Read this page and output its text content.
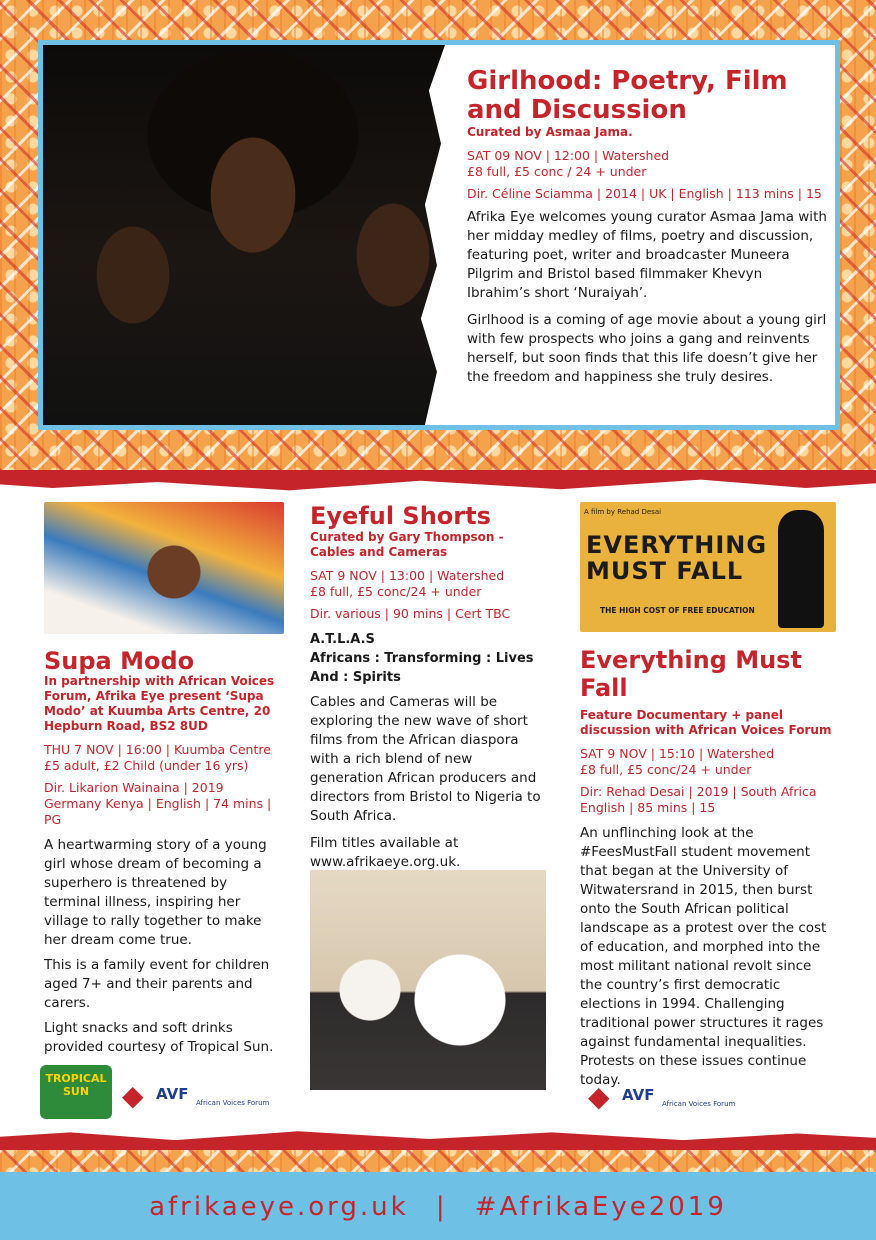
Girlhood: Poetry, Film and Discussion
Curated by Asmaa Jama.
SAT 09 NOV | 12:00 | Watershed
£8 full, £5 conc / 24 + under
Dir. Céline Sciamma | 2014 | UK | English | 113 mins | 15

Afrika Eye welcomes young curator Asmaa Jama with her midday medley of films, poetry and discussion, featuring poet, writer and broadcaster Muneera Pilgrim and Bristol based filmmaker Khevyn Ibrahim’s short ‘Nuraiyah’.

Girlhood is a coming of age movie about a young girl with few prospects who joins a gang and reinvents herself, but soon finds that this life doesn’t give her the freedom and happiness she truly desires.

Supa Modo
In partnership with African Voices Forum, Afrika Eye present ‘Supa Modo’ at Kuumba Arts Centre, 20 Hepburn Road, BS2 8UD
THU 7 NOV | 16:00 | Kuumba Centre
£5 adult, £2 Child (under 16 yrs)
Dir. Likarion Wainaina | 2019
Germany Kenya | English | 74 mins | PG

A heartwarming story of a young girl whose dream of becoming a superhero is threatened by terminal illness, inspiring her village to rally together to make her dream come true.

This is a family event for children aged 7+ and their parents and carers.

Light snacks and soft drinks provided courtesy of Tropical Sun.

Eyeful Shorts
Curated by Gary Thompson - Cables and Cameras
SAT 9 NOV | 13:00 | Watershed
£8 full, £5 conc/24 + under
Dir. various | 90 mins | Cert TBC
A.T.L.A.S
Africans : Transforming : Lives And : Spirits

Cables and Cameras will be exploring the new wave of short films from the African diaspora with a rich blend of new generation African producers and directors from Bristol to Nigeria to South Africa.

Film titles available at www.afrikaeye.org.uk.

A film by Rehad Desai
EVERYTHING MUST FALL
THE HIGH COST OF FREE EDUCATION
Everything Must Fall
Feature Documentary + panel discussion with African Voices Forum
SAT 9 NOV | 15:10 | Watershed
£8 full, £5 conc/24 + under
Dir: Rehad Desai | 2019 | South Africa
English | 85 mins | 15

An unflinching look at the #FeesMustFall student movement that began at the University of Witwatersrand in 2015, then burst onto the South African political landscape as a protest over the cost of education, and morphed into the most militant national revolt since the country’s first democratic elections in 1994. Challenging traditional power structures it rages against fundamental inequalities. Protests on these issues continue today.

TROPICAL
SUN	◆ AVF African Voices Forum	◆ AVF African Voices Forum
afrikaeye.org.uk | #AfrikaEye2019
